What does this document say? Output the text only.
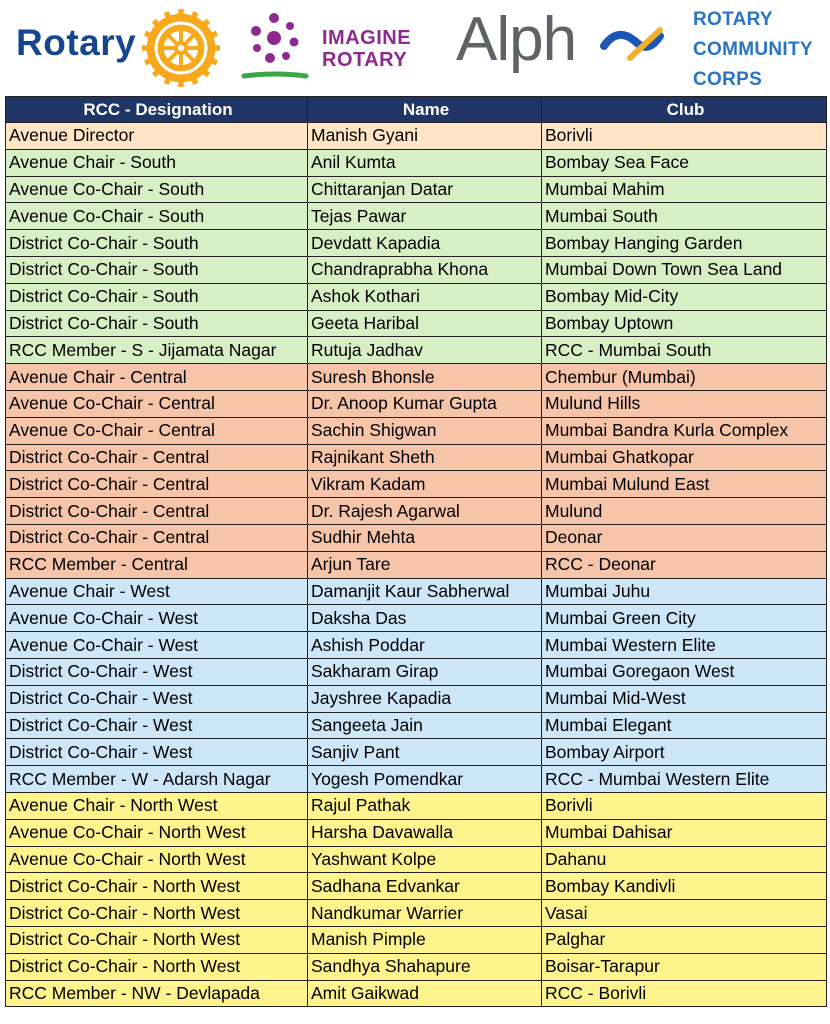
Rotary	IMAGINE
ROTARY Alph	ROTARY
COMMUNITY
CORPS
RCC - Designation	Name	Club
Avenue Director	Manish Gyani	Borivli
Avenue Chair - South	Anil Kumta	Bombay Sea Face
Avenue Co-Chair - South	Chittaranjan Datar	Mumbai Mahim
Avenue Co-Chair - South	Tejas Pawar	Mumbai South
District Co-Chair - South	Devdatt Kapadia	Bombay Hanging Garden
District Co-Chair - South	Chandraprabha Khona	Mumbai Down Town Sea Land
District Co-Chair - South	Ashok Kothari	Bombay Mid-City
District Co-Chair - South	Geeta Haribal	Bombay Uptown
RCC Member - S - Jijamata Nagar	Rutuja Jadhav	RCC - Mumbai South
Avenue Chair - Central	Suresh Bhonsle	Chembur (Mumbai)
Avenue Co-Chair - Central	Dr. Anoop Kumar Gupta	Mulund Hills
Avenue Co-Chair - Central	Sachin Shigwan	Mumbai Bandra Kurla Complex
District Co-Chair - Central	Rajnikant Sheth	Mumbai Ghatkopar
District Co-Chair - Central	Vikram Kadam	Mumbai Mulund East
District Co-Chair - Central	Dr. Rajesh Agarwal	Mulund
District Co-Chair - Central	Sudhir Mehta	Deonar
RCC Member - Central	Arjun Tare	RCC - Deonar
Avenue Chair - West	Damanjit Kaur Sabherwal	Mumbai Juhu
Avenue Co-Chair - West	Daksha Das	Mumbai Green City
Avenue Co-Chair - West	Ashish Poddar	Mumbai Western Elite
District Co-Chair - West	Sakharam Girap	Mumbai Goregaon West
District Co-Chair - West	Jayshree Kapadia	Mumbai Mid-West
District Co-Chair - West	Sangeeta Jain	Mumbai Elegant
District Co-Chair - West	Sanjiv Pant	Bombay Airport
RCC Member - W - Adarsh Nagar	Yogesh Pomendkar	RCC - Mumbai Western Elite
Avenue Chair - North West	Rajul Pathak	Borivli
Avenue Co-Chair - North West	Harsha Davawalla	Mumbai Dahisar
Avenue Co-Chair - North West	Yashwant Kolpe	Dahanu
District Co-Chair - North West	Sadhana Edvankar	Bombay Kandivli
District Co-Chair - North West	Nandkumar Warrier	Vasai
District Co-Chair - North West	Manish Pimple	Palghar
District Co-Chair - North West	Sandhya Shahapure	Boisar-Tarapur
RCC Member - NW - Devlapada	Amit Gaikwad	RCC - Borivli
